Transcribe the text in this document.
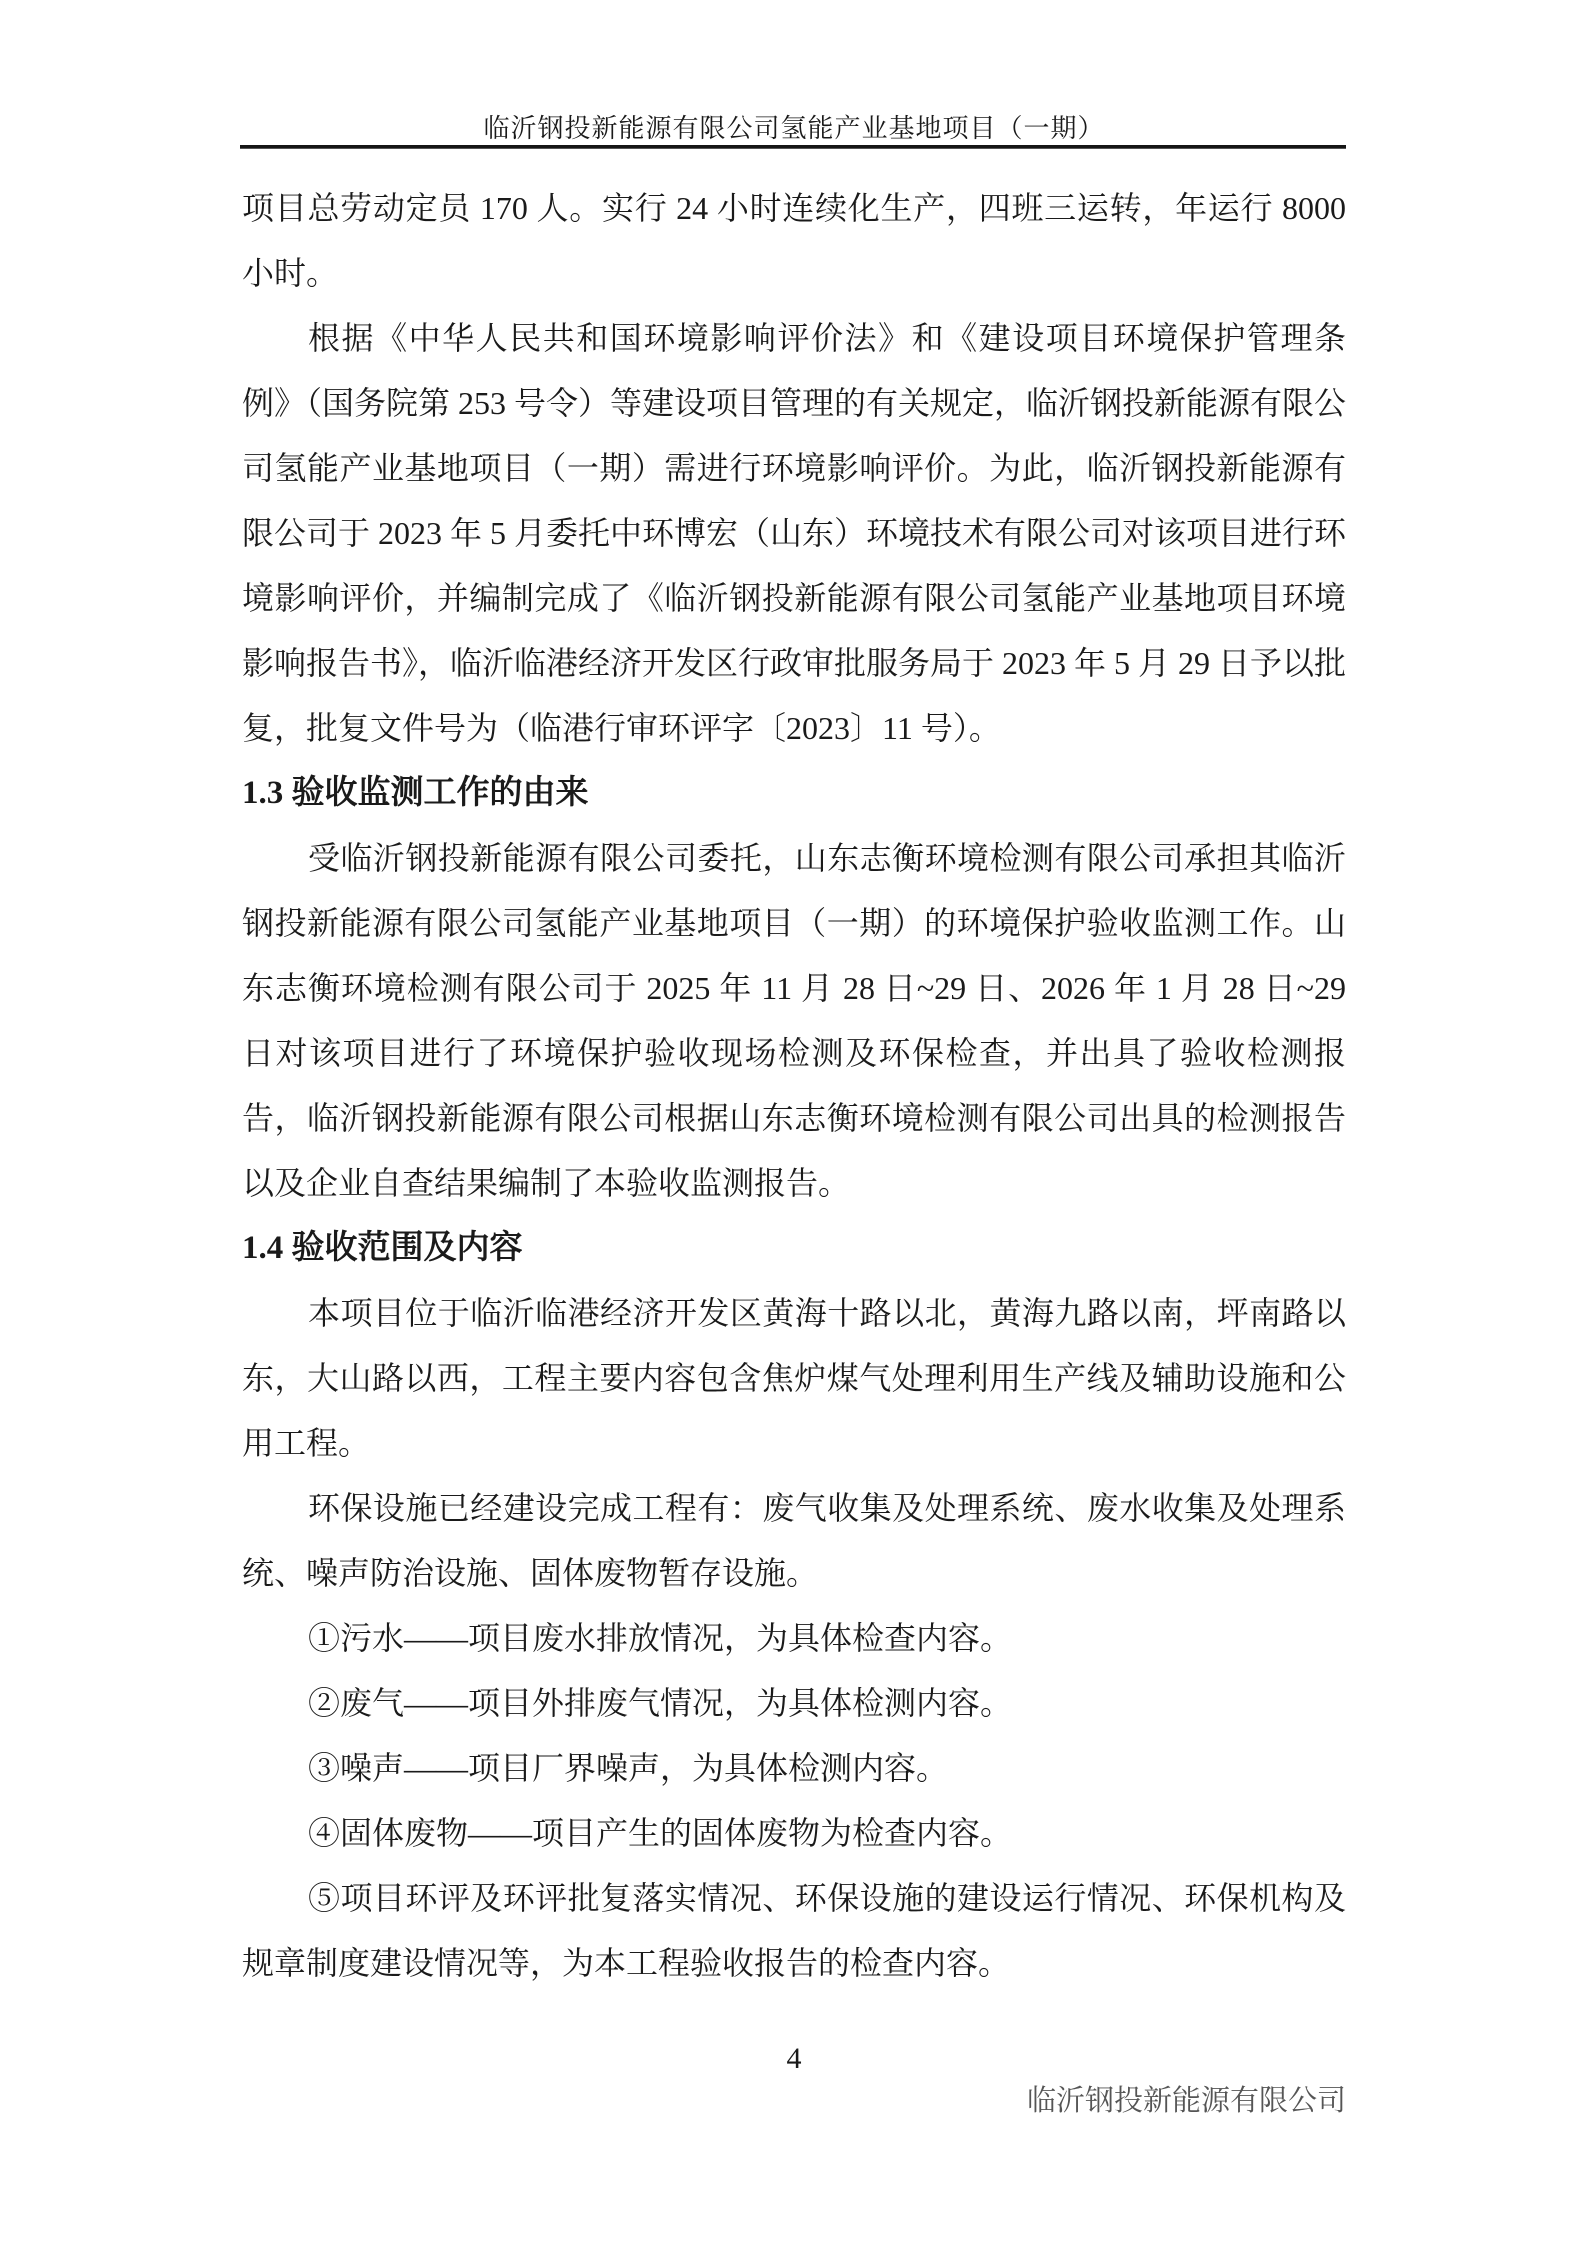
临沂钢投新能源有限公司氢能产业基地项目（一期）

项目总劳动定员 170 人。实行 24 小时连续化生产，四班三运转，年运行 8000 小时。

根据《中华人民共和国环境影响评价法》和《建设项目环境保护管理条例》（国务院第 253 号令）等建设项目管理的有关规定，临沂钢投新能源有限公司氢能产业基地项目（一期）需进行环境影响评价。为此，临沂钢投新能源有限公司于 2023 年 5 月委托中环博宏（山东）环境技术有限公司对该项目进行环境影响评价，并编制完成了《临沂钢投新能源有限公司氢能产业基地项目环境影响报告书》，临沂临港经济开发区行政审批服务局于 2023 年 5 月 29 日予以批复，批复文件号为（临港行审环评字〔2023〕11 号）。

1.3 验收监测工作的由来

受临沂钢投新能源有限公司委托，山东志衡环境检测有限公司承担其临沂钢投新能源有限公司氢能产业基地项目（一期）的环境保护验收监测工作。山东志衡环境检测有限公司于 2025 年 11 月 28 日~29 日、2026 年 1 月 28 日~29 日对该项目进行了环境保护验收现场检测及环保检查，并出具了验收检测报告，临沂钢投新能源有限公司根据山东志衡环境检测有限公司出具的检测报告以及企业自查结果编制了本验收监测报告。

1.4 验收范围及内容

本项目位于临沂临港经济开发区黄海十路以北，黄海九路以南，坪南路以东，大山路以西，工程主要内容包含焦炉煤气处理利用生产线及辅助设施和公用工程。

环保设施已经建设完成工程有：废气收集及处理系统、废水收集及处理系统、噪声防治设施、固体废物暂存设施。

①污水——项目废水排放情况，为具体检查内容。

②废气——项目外排废气情况，为具体检测内容。

③噪声——项目厂界噪声，为具体检测内容。

④固体废物——项目产生的固体废物为检查内容。

⑤项目环评及环评批复落实情况、环保设施的建设运行情况、环保机构及规章制度建设情况等，为本工程验收报告的检查内容。

4
临沂钢投新能源有限公司
